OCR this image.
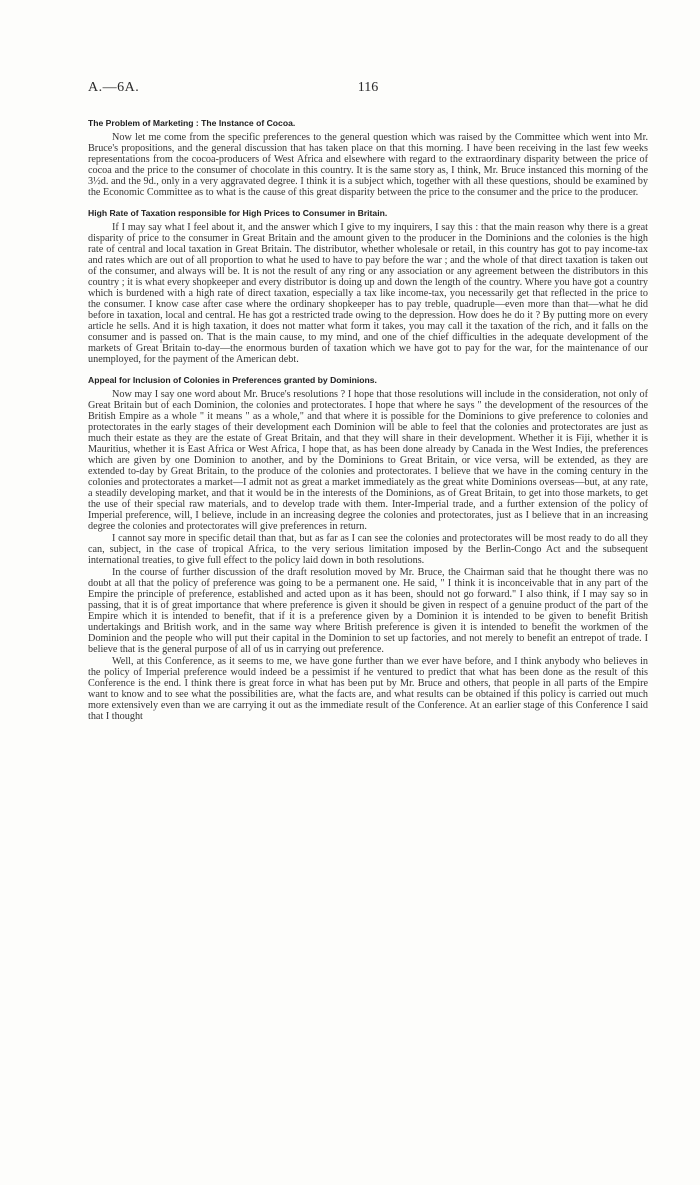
A.—6A.	116
The Problem of Marketing : The Instance of Cocoa.

Now let me come from the specific preferences to the general question which was raised by the Committee which went into Mr. Bruce's propositions, and the general discussion that has taken place on that this morning. I have been receiving in the last few weeks representations from the cocoa-producers of West Africa and elsewhere with regard to the extraordinary disparity between the price of cocoa and the price to the consumer of chocolate in this country. It is the same story as, I think, Mr. Bruce instanced this morning of the 3½d. and the 9d., only in a very aggravated degree. I think it is a subject which, together with all these questions, should be examined by the Economic Committee as to what is the cause of this great disparity between the price to the consumer and the price to the producer.

High Rate of Taxation responsible for High Prices to Consumer in Britain.

If I may say what I feel about it, and the answer which I give to my inquirers, I say this : that the main reason why there is a great disparity of price to the consumer in Great Britain and the amount given to the producer in the Dominions and the colonies is the high rate of central and local taxation in Great Britain. The distributor, whether wholesale or retail, in this country has got to pay income-tax and rates which are out of all proportion to what he used to have to pay before the war ; and the whole of that direct taxation is taken out of the consumer, and always will be. It is not the result of any ring or any association or any agreement between the distributors in this country ; it is what every shopkeeper and every distributor is doing up and down the length of the country. Where you have got a country which is burdened with a high rate of direct taxation, especially a tax like income-tax, you necessarily get that reflected in the price to the consumer. I know case after case where the ordinary shopkeeper has to pay treble, quadruple—even more than that—what he did before in taxation, local and central. He has got a restricted trade owing to the depression. How does he do it ? By putting more on every article he sells. And it is high taxation, it does not matter what form it takes, you may call it the taxation of the rich, and it falls on the consumer and is passed on. That is the main cause, to my mind, and one of the chief difficulties in the adequate development of the markets of Great Britain to-day—the enormous burden of taxation which we have got to pay for the war, for the maintenance of our unemployed, for the payment of the American debt.

Appeal for Inclusion of Colonies in Preferences granted by Dominions.

Now may I say one word about Mr. Bruce's resolutions ? I hope that those resolutions will include in the consideration, not only of Great Britain but of each Dominion, the colonies and protectorates. I hope that where he says " the development of the resources of the British Empire as a whole " it means " as a whole," and that where it is possible for the Dominions to give preference to colonies and protectorates in the early stages of their development each Dominion will be able to feel that the colonies and protectorates are just as much their estate as they are the estate of Great Britain, and that they will share in their development. Whether it is Fiji, whether it is Mauritius, whether it is East Africa or West Africa, I hope that, as has been done already by Canada in the West Indies, the preferences which are given by one Dominion to another, and by the Dominions to Great Britain, or vice versa, will be extended, as they are extended to-day by Great Britain, to the produce of the colonies and protectorates. I believe that we have in the coming century in the colonies and protectorates a market—I admit not as great a market immediately as the great white Dominions overseas—but, at any rate, a steadily developing market, and that it would be in the interests of the Dominions, as of Great Britain, to get into those markets, to get the use of their special raw materials, and to develop trade with them. Inter-Imperial trade, and a further extension of the policy of Imperial preference, will, I believe, include in an increasing degree the colonies and protectorates, just as I believe that in an increasing degree the colonies and protectorates will give preferences in return.

I cannot say more in specific detail than that, but as far as I can see the colonies and protectorates will be most ready to do all they can, subject, in the case of tropical Africa, to the very serious limitation imposed by the Berlin-Congo Act and the subsequent international treaties, to give full effect to the policy laid down in both resolutions.

In the course of further discussion of the draft resolution moved by Mr. Bruce, the Chairman said that he thought there was no doubt at all that the policy of preference was going to be a permanent one. He said, " I think it is inconceivable that in any part of the Empire the principle of preference, established and acted upon as it has been, should not go forward." I also think, if I may say so in passing, that it is of great importance that where preference is given it should be given in respect of a genuine product of the part of the Empire which it is intended to benefit, that if it is a preference given by a Dominion it is intended to be given to benefit British undertakings and British work, and in the same way where British preference is given it is intended to benefit the workmen of the Dominion and the people who will put their capital in the Dominion to set up factories, and not merely to benefit an entrepot of trade. I believe that is the general purpose of all of us in carrying out preference.

Well, at this Conference, as it seems to me, we have gone further than we ever have before, and I think anybody who believes in the policy of Imperial preference would indeed be a pessimist if he ventured to predict that what has been done as the result of this Conference is the end. I think there is great force in what has been put by Mr. Bruce and others, that people in all parts of the Empire want to know and to see what the possibilities are, what the facts are, and what results can be obtained if this policy is carried out much more extensively even than we are carrying it out as the immediate result of the Conference. At an earlier stage of this Conference I said that I thought
